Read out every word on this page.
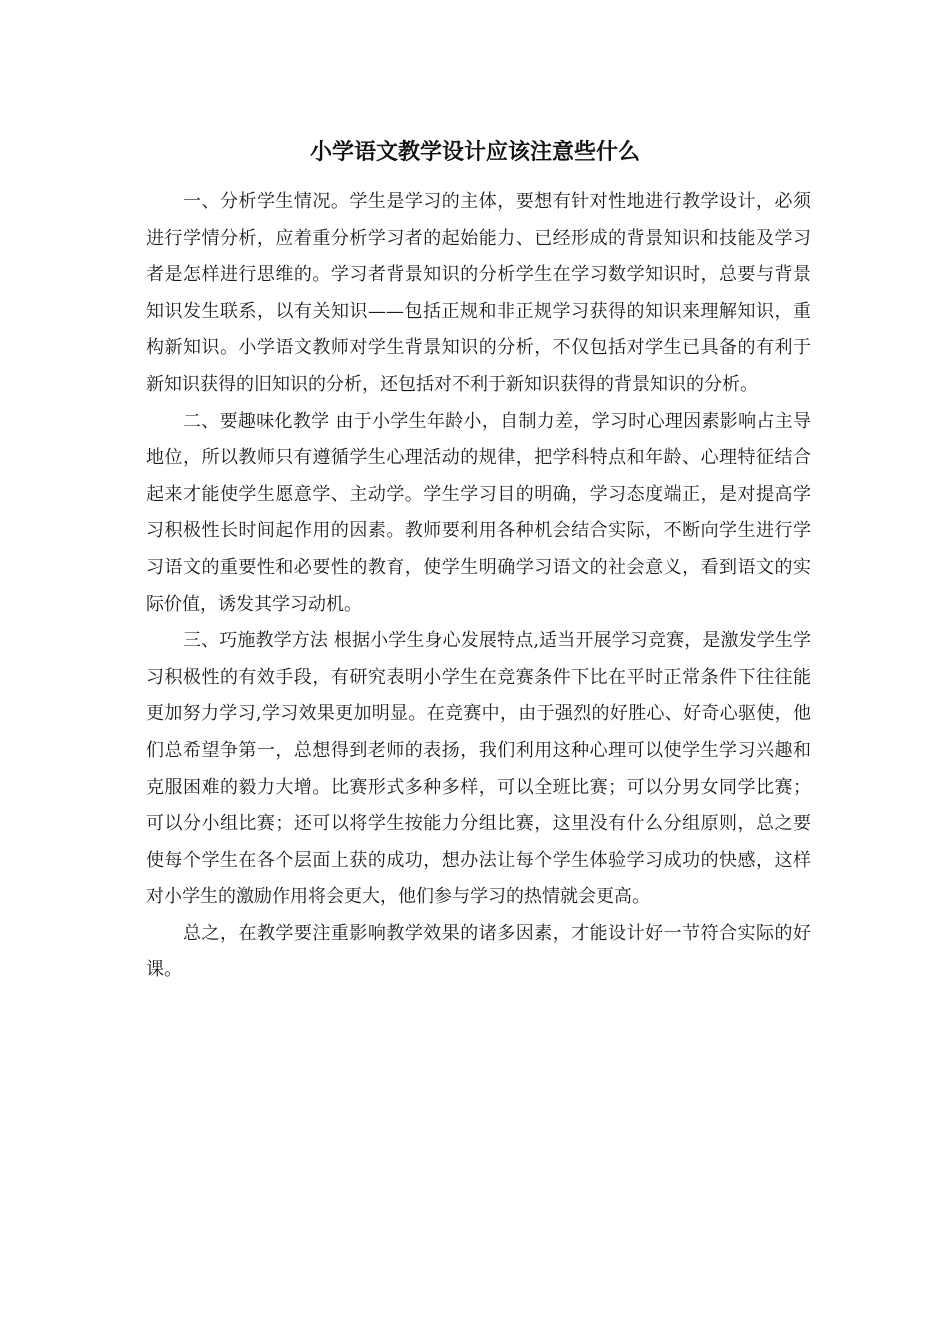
小学语文教学设计应该注意些什么

一、分析学生情况。学生是学习的主体，要想有针对性地进行教学设计，必须进行学情分析，应着重分析学习者的起始能力、已经形成的背景知识和技能及学习者是怎样进行思维的。学习者背景知识的分析学生在学习数学知识时，总要与背景知识发生联系，以有关知识——包括正规和非正规学习获得的知识来理解知识，重构新知识。小学语文教师对学生背景知识的分析，不仅包括对学生已具备的有利于新知识获得的旧知识的分析，还包括对不利于新知识获得的背景知识的分析。

二、要趣味化教学 由于小学生年龄小，自制力差，学习时心理因素影响占主导地位，所以教师只有遵循学生心理活动的规律，把学科特点和年龄、心理特征结合起来才能使学生愿意学、主动学。学生学习目的明确，学习态度端正，是对提高学习积极性长时间起作用的因素。教师要利用各种机会结合实际，不断向学生进行学习语文的重要性和必要性的教育，使学生明确学习语文的社会意义，看到语文的实际价值，诱发其学习动机。

三、巧施教学方法 根据小学生身心发展特点,适当开展学习竞赛，是激发学生学习积极性的有效手段，有研究表明小学生在竞赛条件下比在平时正常条件下往往能更加努力学习,学习效果更加明显。在竞赛中，由于强烈的好胜心、好奇心驱使，他们总希望争第一，总想得到老师的表扬，我们利用这种心理可以使学生学习兴趣和克服困难的毅力大增。比赛形式多种多样，可以全班比赛；可以分男女同学比赛；可以分小组比赛；还可以将学生按能力分组比赛，这里没有什么分组原则，总之要使每个学生在各个层面上获的成功，想办法让每个学生体验学习成功的快感，这样对小学生的激励作用将会更大，他们参与学习的热情就会更高。

总之，在教学要注重影响教学效果的诸多因素，才能设计好一节符合实际的好课。
